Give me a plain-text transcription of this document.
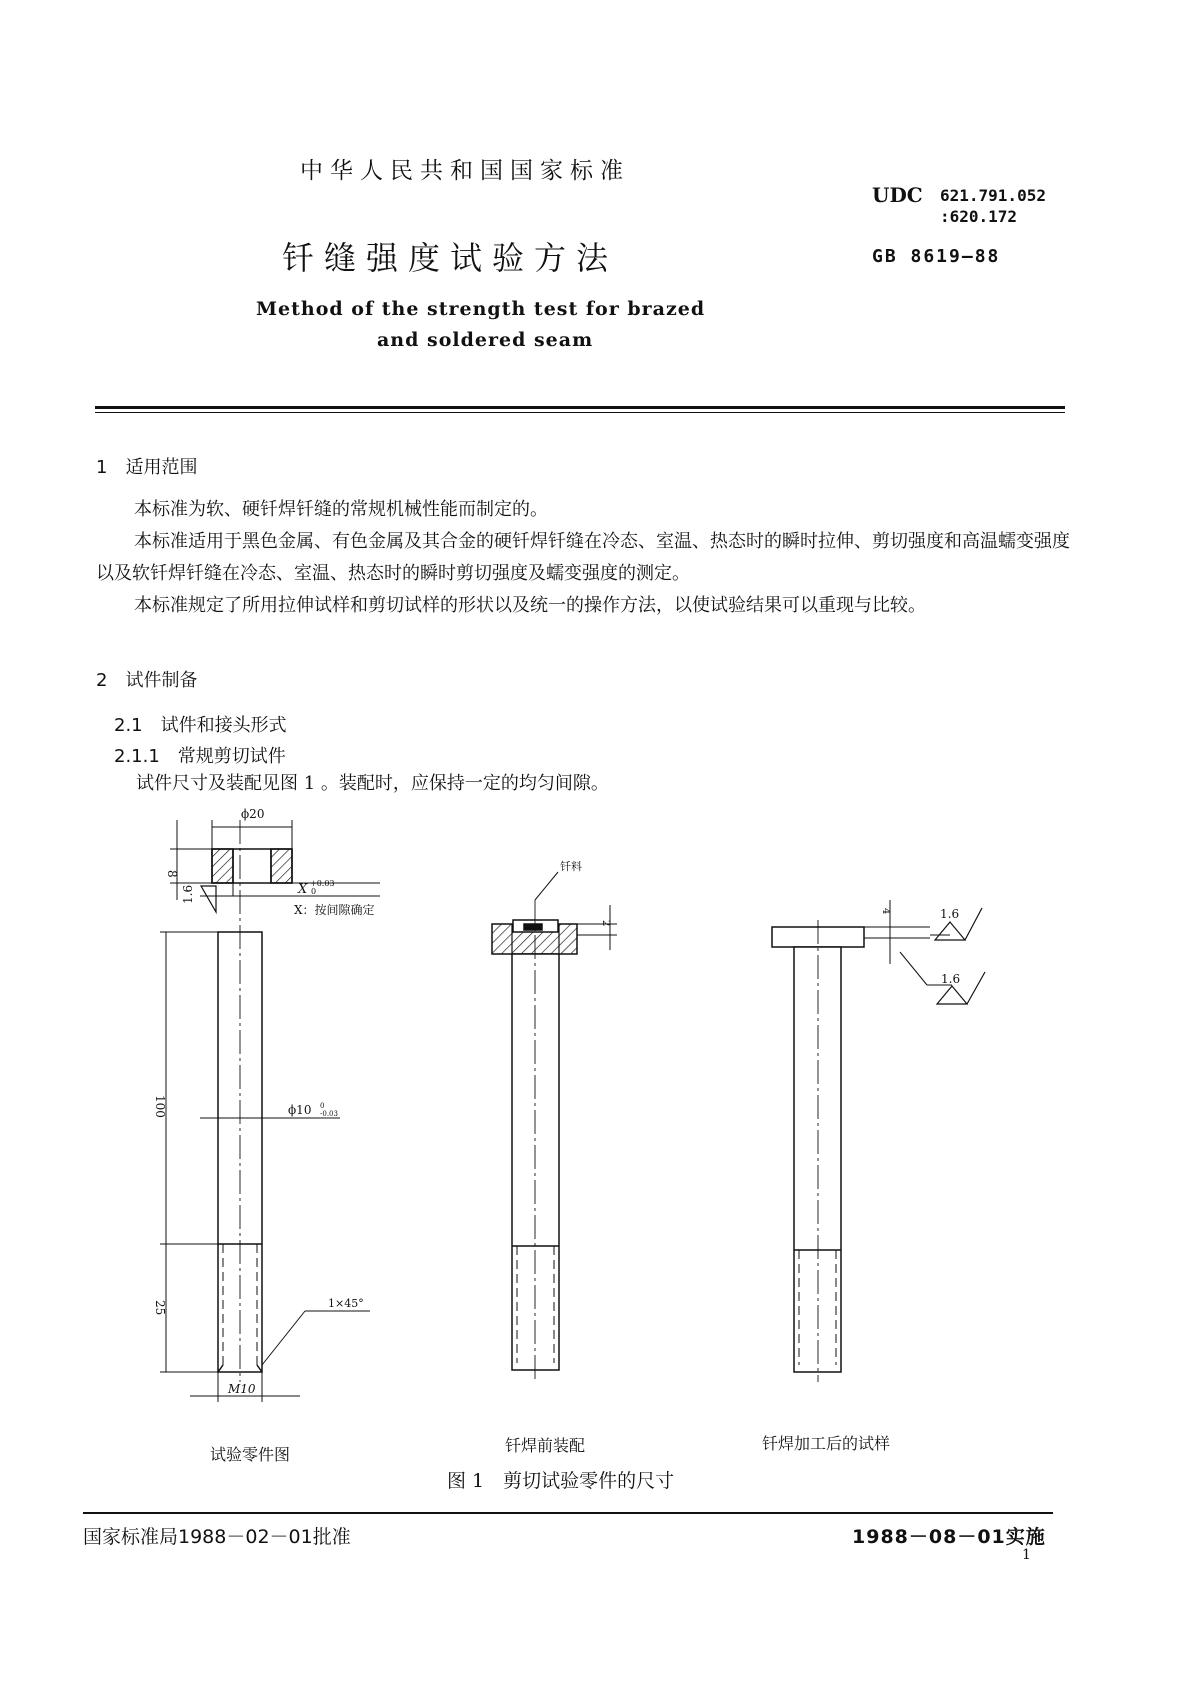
中华人民共和国国家标准
UDC 621.791.052
:620.172
钎缝强度试验方法	GB 8619—88
Method of the strength test for brazed
and soldered seam
1　适用范围
本标准为软、硬钎焊钎缝的常规机械性能而制定的。
本标准适用于黑色金属、有色金属及其合金的硬钎焊钎缝在冷态、室温、热态时的瞬时拉伸、剪切强度和高温蠕变强度以及软钎焊钎缝在冷态、室温、热态时的瞬时剪切强度及蠕变强度的测定。
本标准规定了所用拉伸试样和剪切试样的形状以及统一的操作方法，以使试验结果可以重现与比较。
2　试件制备
2.1　试件和接头形式
2.1.1　常规剪切试件
试件尺寸及装配见图 1 。装配时，应保持一定的均匀间隙。
ϕ20
8
1.6	X +0.03
0
X：按间隙确定
ϕ10 0
-0.03
100
25	1×45°
M10
钎料
2
4	1.6
1.6
试验零件图	钎焊前装配	钎焊加工后的试样
图 1　剪切试验零件的尺寸
国家标准局1988－02－01批准	1988－08－01实施
1
